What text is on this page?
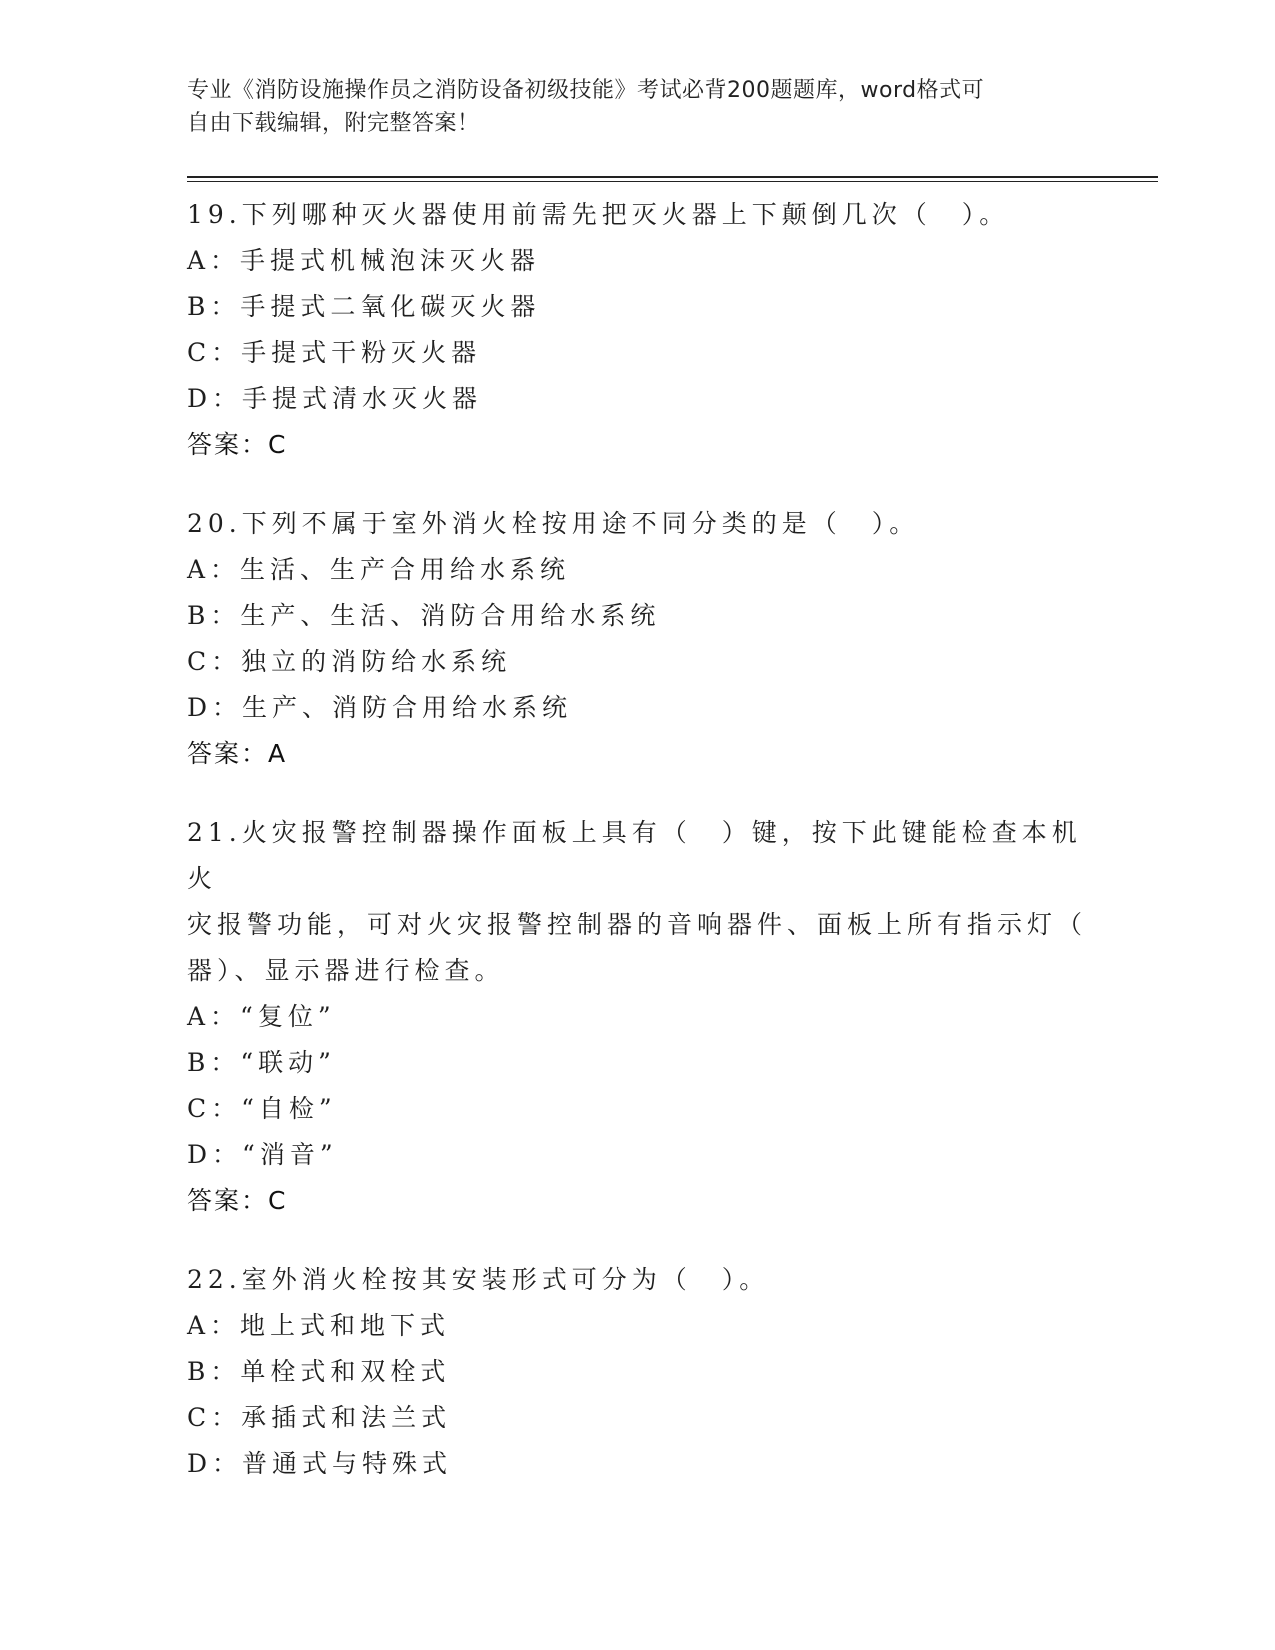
专业《消防设施操作员之消防设备初级技能》考试必背200题题库，word格式可
自由下载编辑，附完整答案！
19.下列哪种灭火器使用前需先把灭火器上下颠倒几次（　）。
A：手提式机械泡沫灭火器
B：手提式二氧化碳灭火器
C：手提式干粉灭火器
D：手提式清水灭火器
答案：C
20.下列不属于室外消火栓按用途不同分类的是（　）。
A：生活、生产合用给水系统
B：生产、生活、消防合用给水系统
C：独立的消防给水系统
D：生产、消防合用给水系统
答案：A
21.火灾报警控制器操作面板上具有（　）键，按下此键能检查本机火
灾报警功能，可对火灾报警控制器的音响器件、面板上所有指示灯（
器）、显示器进行检查。
A：“复位”
B：“联动”
C：“自检”
D：“消音”
答案：C
22.室外消火栓按其安装形式可分为（　）。
A：地上式和地下式
B：单栓式和双栓式
C：承插式和法兰式
D：普通式与特殊式
